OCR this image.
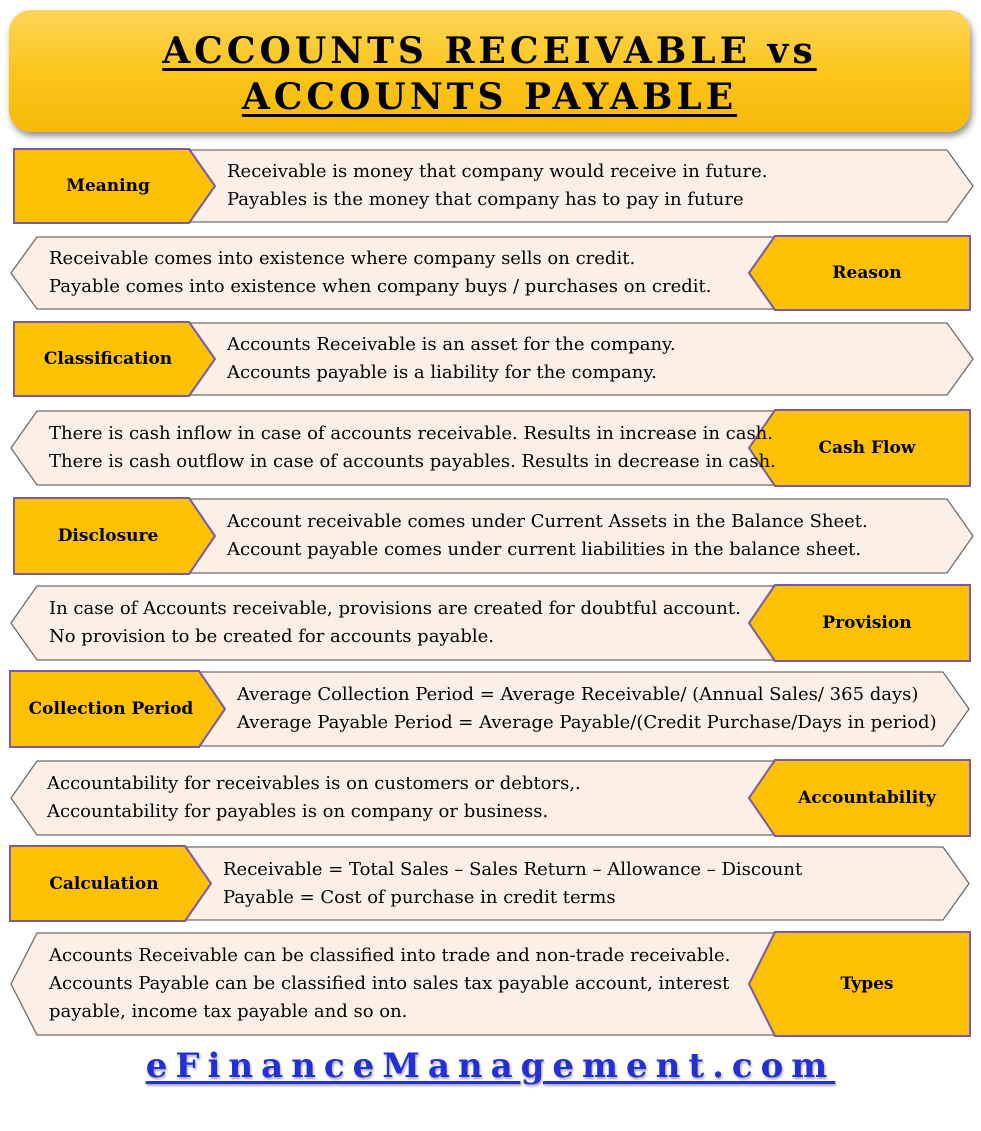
ACCOUNTS RECEIVABLE vs
ACCOUNTS PAYABLE
Meaning
Receivable is money that company would receive in future.
Payables is the money that company has to pay in future
Reason
Receivable comes into existence where company sells on credit.
Payable comes into existence when company buys / purchases on credit.
Classification
Accounts Receivable is an asset for the company.
Accounts payable is a liability for the company.
Cash Flow
There is cash inflow in case of accounts receivable. Results in increase in cash.
There is cash outflow in case of accounts payables. Results in decrease in cash.
Disclosure
Account receivable comes under Current Assets in the Balance Sheet.
Account payable comes under current liabilities in the balance sheet.
Provision
In case of Accounts receivable, provisions are created for doubtful account.
No provision to be created for accounts payable.
Collection Period
Average Collection Period = Average Receivable/ (Annual Sales/ 365 days)
Average Payable Period = Average Payable/(Credit Purchase/Days in period)
Accountability
Accountability for receivables is on customers or debtors,.
Accountability for payables is on company or business.
Calculation
Receivable = Total Sales – Sales Return – Allowance – Discount
Payable = Cost of purchase in credit terms
Types
Accounts Receivable can be classified into trade and non-trade receivable.
Accounts Payable can be classified into sales tax payable account, interest
payable, income tax payable and so on.
eFinanceManagement.com
